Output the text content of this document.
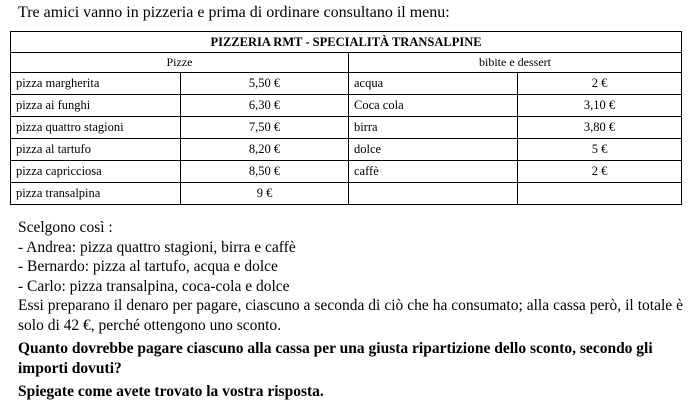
Tre amici vanno in pizzeria e prima di ordinare consultano il menu:
PIZZERIA RMT - SPECIALITÀ TRANSALPINE			
Pizze		bibite e dessert	
pizza margherita	5,50 €	acqua	2 €
pizza ai funghi	6,30 €	Coca cola	3,10 €
pizza quattro stagioni	7,50 €	birra	3,80 €
pizza al tartufo	8,20 €	dolce	5 €
pizza capricciosa	8,50 €	caffè	2 €
pizza transalpina	9 €		

Scelgono così :

- Andrea: pizza quattro stagioni, birra e caffè

- Bernardo: pizza al tartufo, acqua e dolce

- Carlo: pizza transalpina, coca-cola e dolce

Essi preparano il denaro per pagare, ciascuno a seconda di ciò che ha consumato; alla cassa però, il totale è solo di 42 €, perché ottengono uno sconto.

Quanto dovrebbe pagare ciascuno alla cassa per una giusta ripartizione dello sconto, secondo gli importi dovuti?

Spiegate come avete trovato la vostra risposta.
